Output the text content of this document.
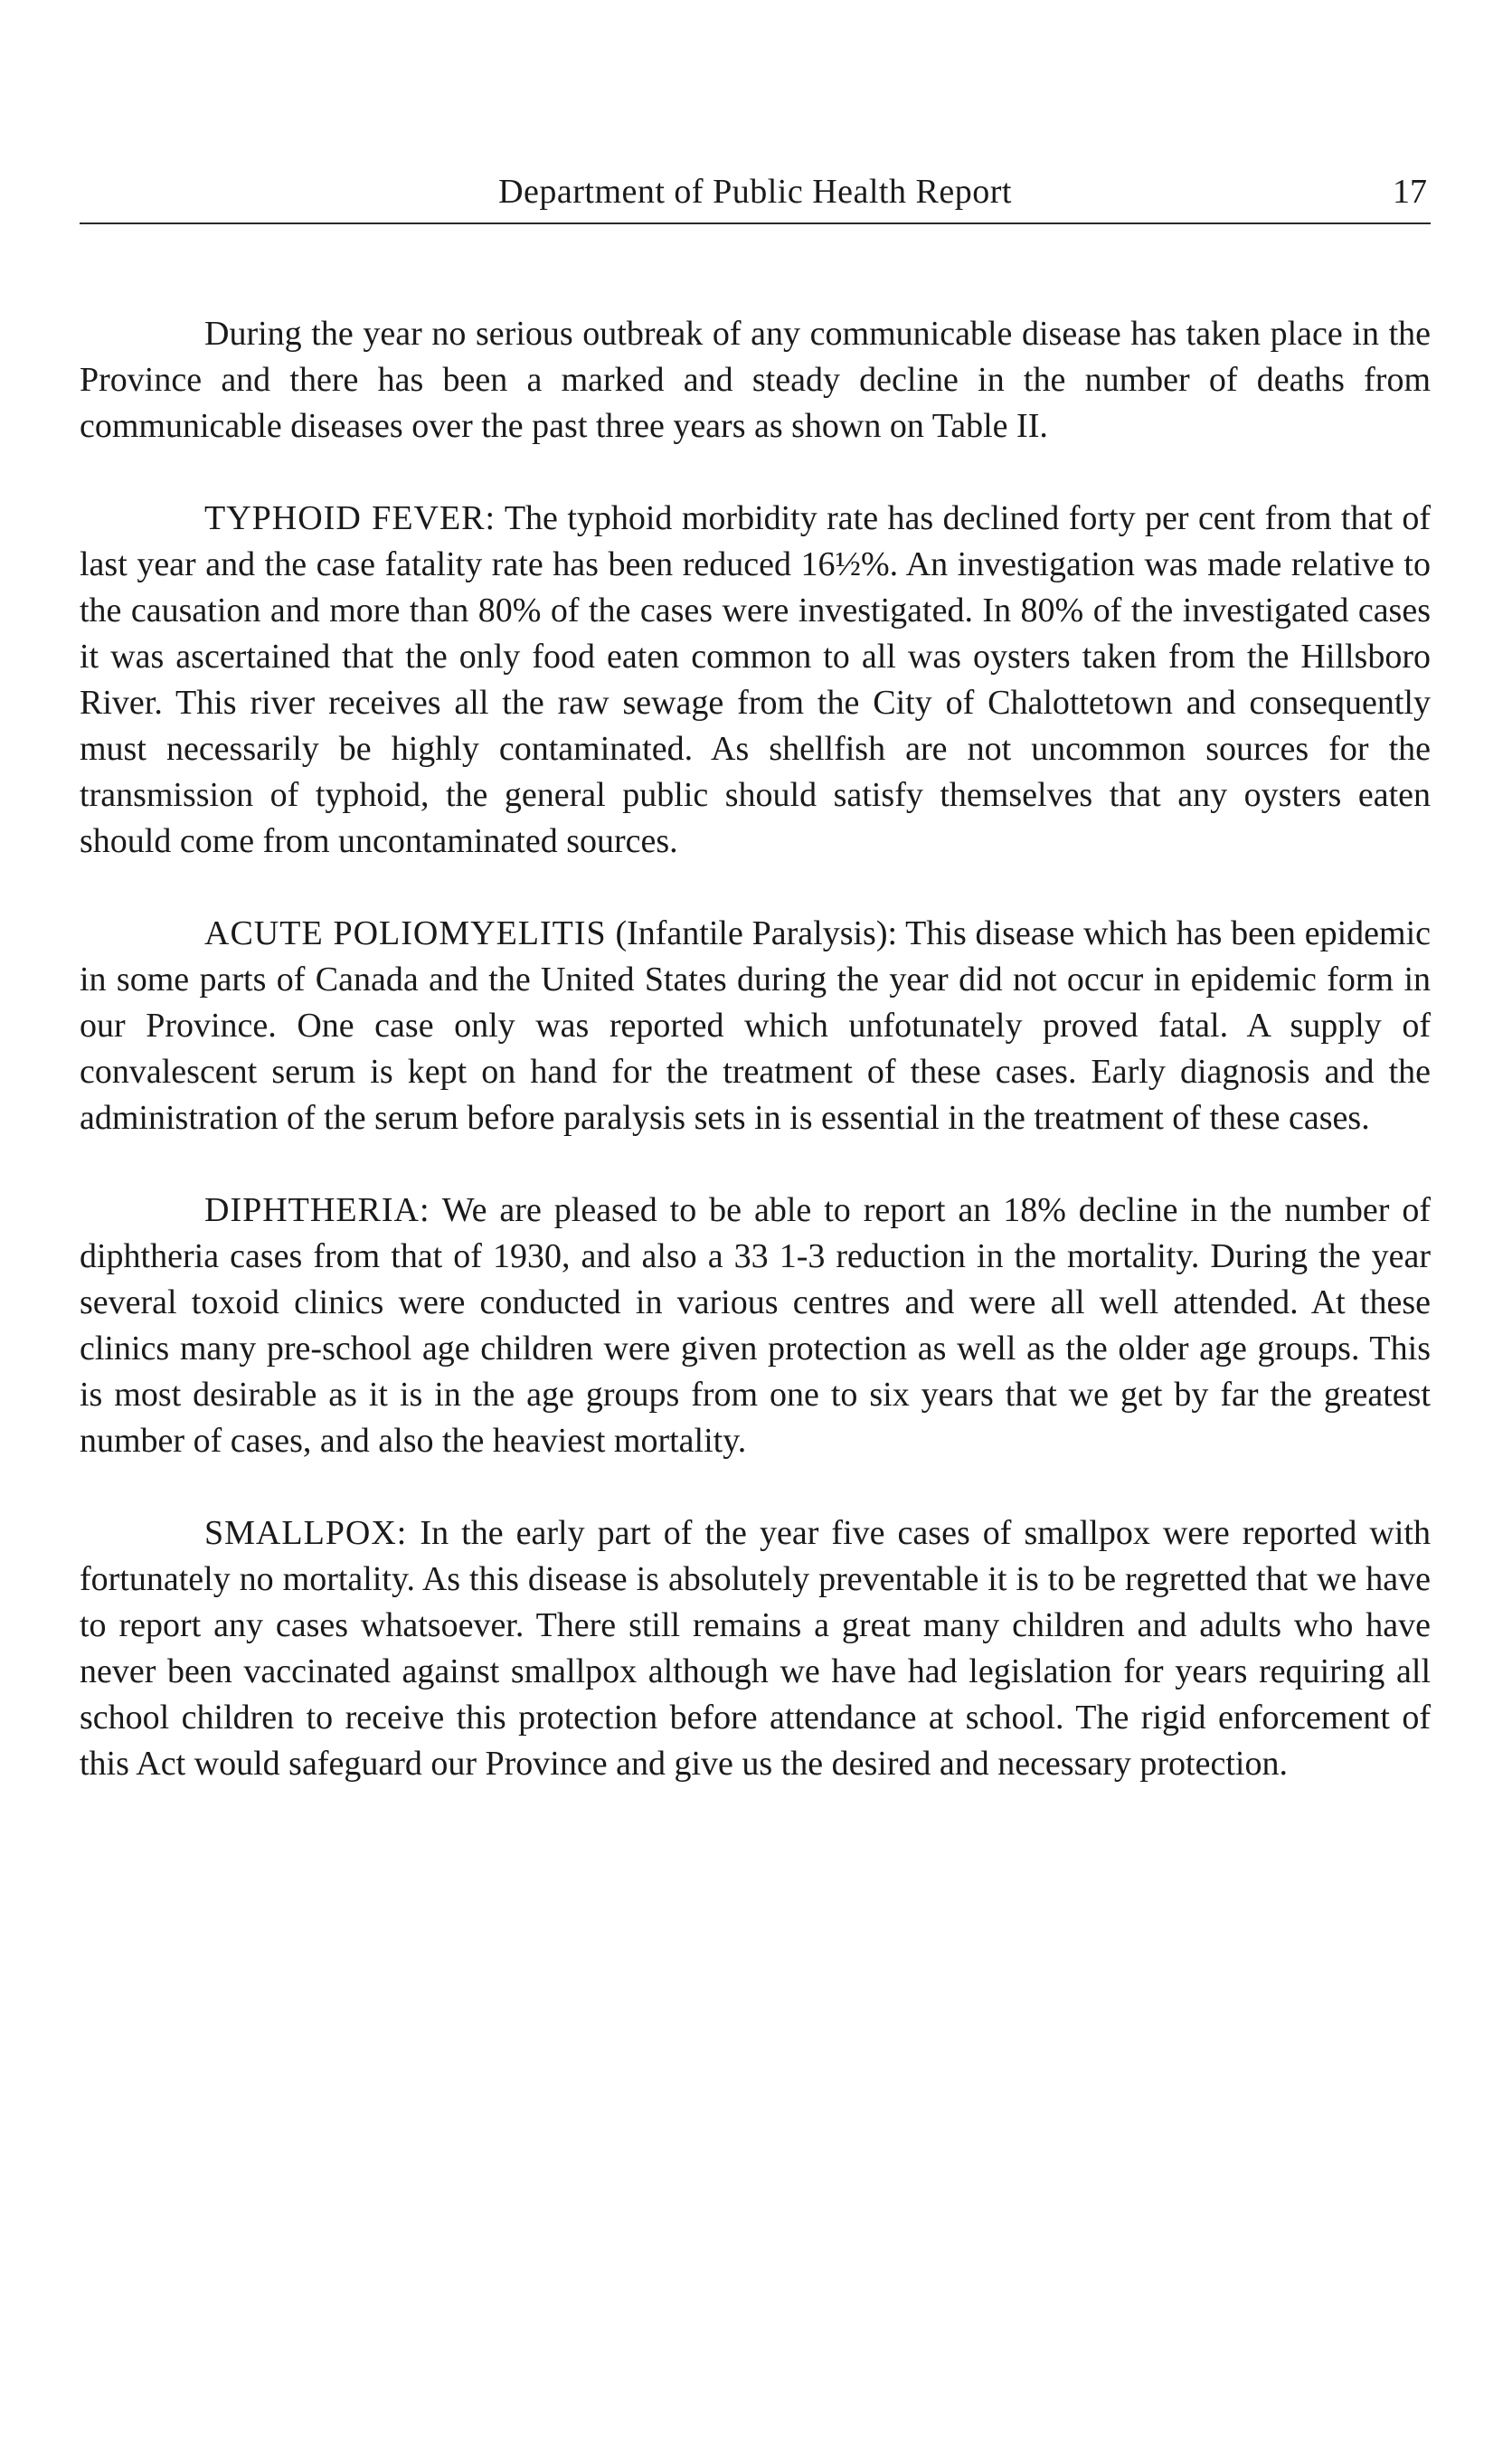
Department of Public Health Report	17

During the year no serious outbreak of any communicable disease has taken place in the Province and there has been a marked and steady decline in the number of deaths from communicable diseases over the past three years as shown on Table II.

TYPHOID FEVER: The typhoid morbidity rate has declined forty per cent from that of last year and the case fatality rate has been reduced 16½%. An investigation was made relative to the causation and more than 80% of the cases were investigated. In 80% of the investigated cases it was ascertained that the only food eaten common to all was oysters taken from the Hillsboro River. This river receives all the raw sewage from the City of Chalottetown and consequently must necessarily be highly contaminated. As shellfish are not uncommon sources for the transmission of typhoid, the general public should satisfy themselves that any oysters eaten should come from uncontaminated sources.

ACUTE POLIOMYELITIS (Infantile Paralysis): This disease which has been epidemic in some parts of Canada and the United States during the year did not occur in epidemic form in our Province. One case only was reported which unfotunately proved fatal. A supply of convalescent serum is kept on hand for the treatment of these cases. Early diagnosis and the administration of the serum before paralysis sets in is essential in the treatment of these cases.

DIPHTHERIA: We are pleased to be able to report an 18% decline in the number of diphtheria cases from that of 1930, and also a 33 1-3 reduction in the mortality. During the year several toxoid clinics were conducted in various centres and were all well attended. At these clinics many pre-school age children were given protection as well as the older age groups. This is most desirable as it is in the age groups from one to six years that we get by far the greatest number of cases, and also the heaviest mortality.

SMALLPOX: In the early part of the year five cases of smallpox were reported with fortunately no mortality. As this disease is absolutely preventable it is to be regretted that we have to report any cases whatsoever. There still remains a great many children and adults who have never been vaccinated against smallpox although we have had legislation for years requiring all school children to receive this protection before attendance at school. The rigid enforcement of this Act would safeguard our Province and give us the desired and necessary protection.
